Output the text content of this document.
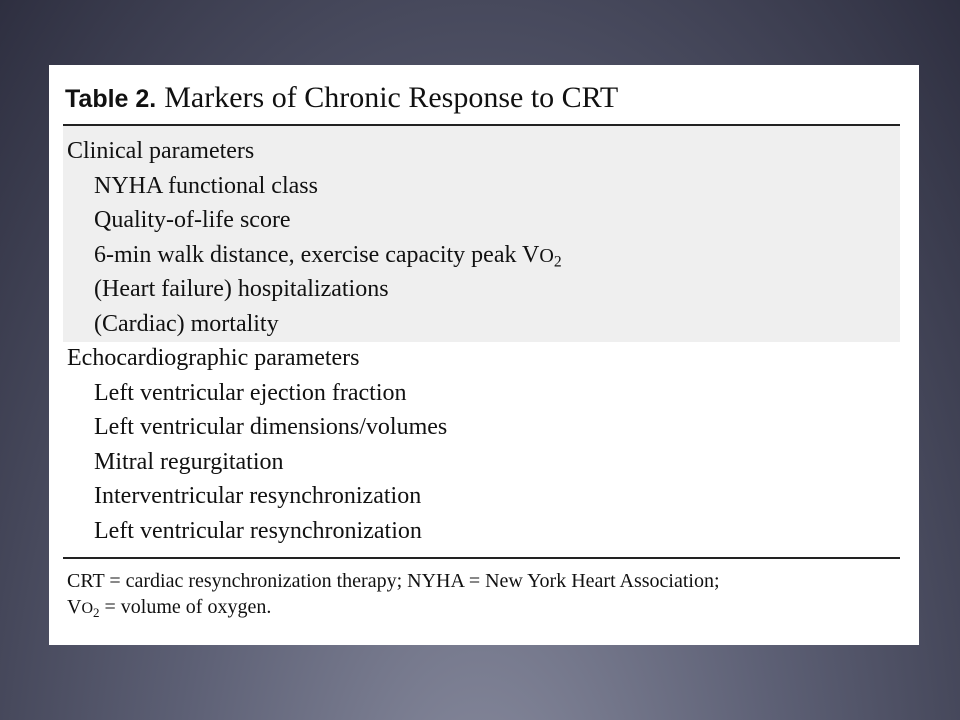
Table 2. Markers of Chronic Response to CRT
Clinical parameters
NYHA functional class
Quality-of-life score
6-min walk distance, exercise capacity peak $VO_2$
(Heart failure) hospitalizations
(Cardiac) mortality
Echocardiographic parameters
Left ventricular ejection fraction
Left ventricular dimensions/volumes
Mitral regurgitation
Interventricular resynchronization
Left ventricular resynchronization
CRT = cardiac resynchronization therapy; NYHA = New York Heart Association;
$VO_2$ = volume of oxygen.
